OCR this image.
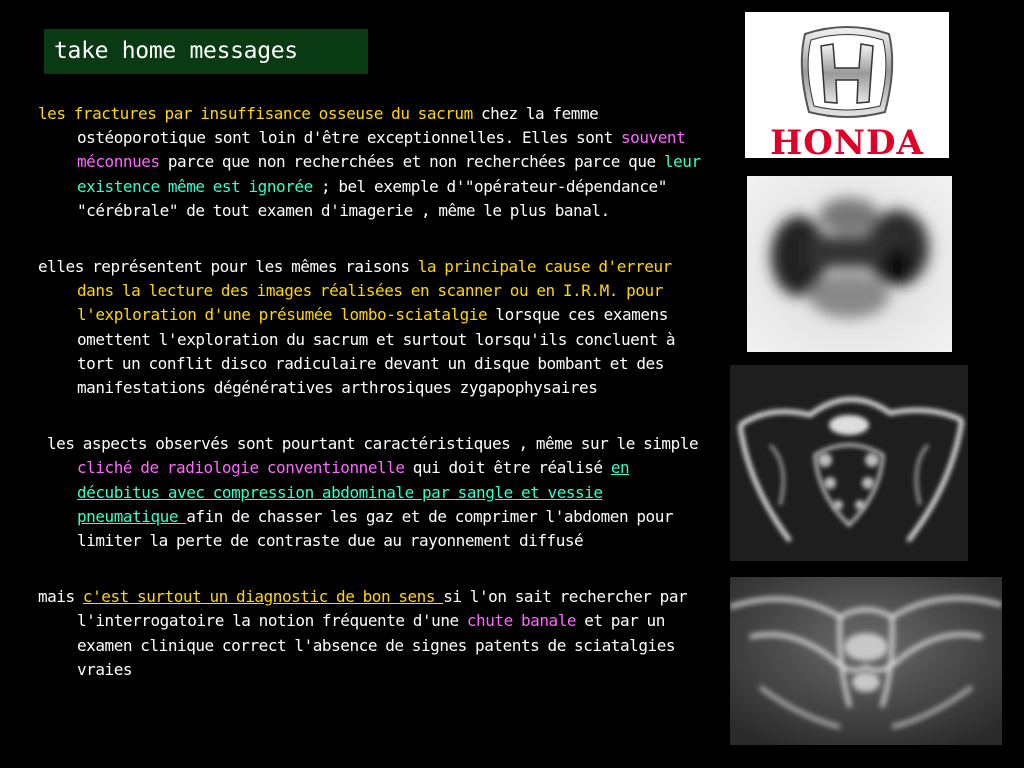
take home messages

les fractures par insuffisance osseuse du sacrum chez la femme ostéoporotique sont loin d'être exceptionnelles. Elles sont souvent méconnues parce que non recherchées et non recherchées parce que leur existence même est ignorée ; bel exemple d'"opérateur-dépendance" "cérébrale" de tout examen d'imagerie , même le plus banal.

elles représentent pour les mêmes raisons la principale cause d'erreur dans la lecture des images réalisées en scanner ou en I.R.M. pour l'exploration d'une présumée lombo-sciatalgie lorsque ces examens omettent l'exploration du sacrum et surtout lorsqu'ils concluent à tort un conflit disco radiculaire devant un disque bombant et des manifestations dégénératives arthrosiques zygapophysaires

les aspects observés sont pourtant caractéristiques , même sur le simple cliché de radiologie conventionnelle qui doit être réalisé en décubitus avec compression abdominale par sangle et vessie pneumatique afin de chasser les gaz et de comprimer l'abdomen pour limiter la perte de contraste due au rayonnement diffusé

mais c'est surtout un diagnostic de bon sens si l'on sait rechercher par l'interrogatoire la notion fréquente d'une chute banale et par un examen clinique correct l'absence de signes patents de sciatalgies vraies

HONDA
